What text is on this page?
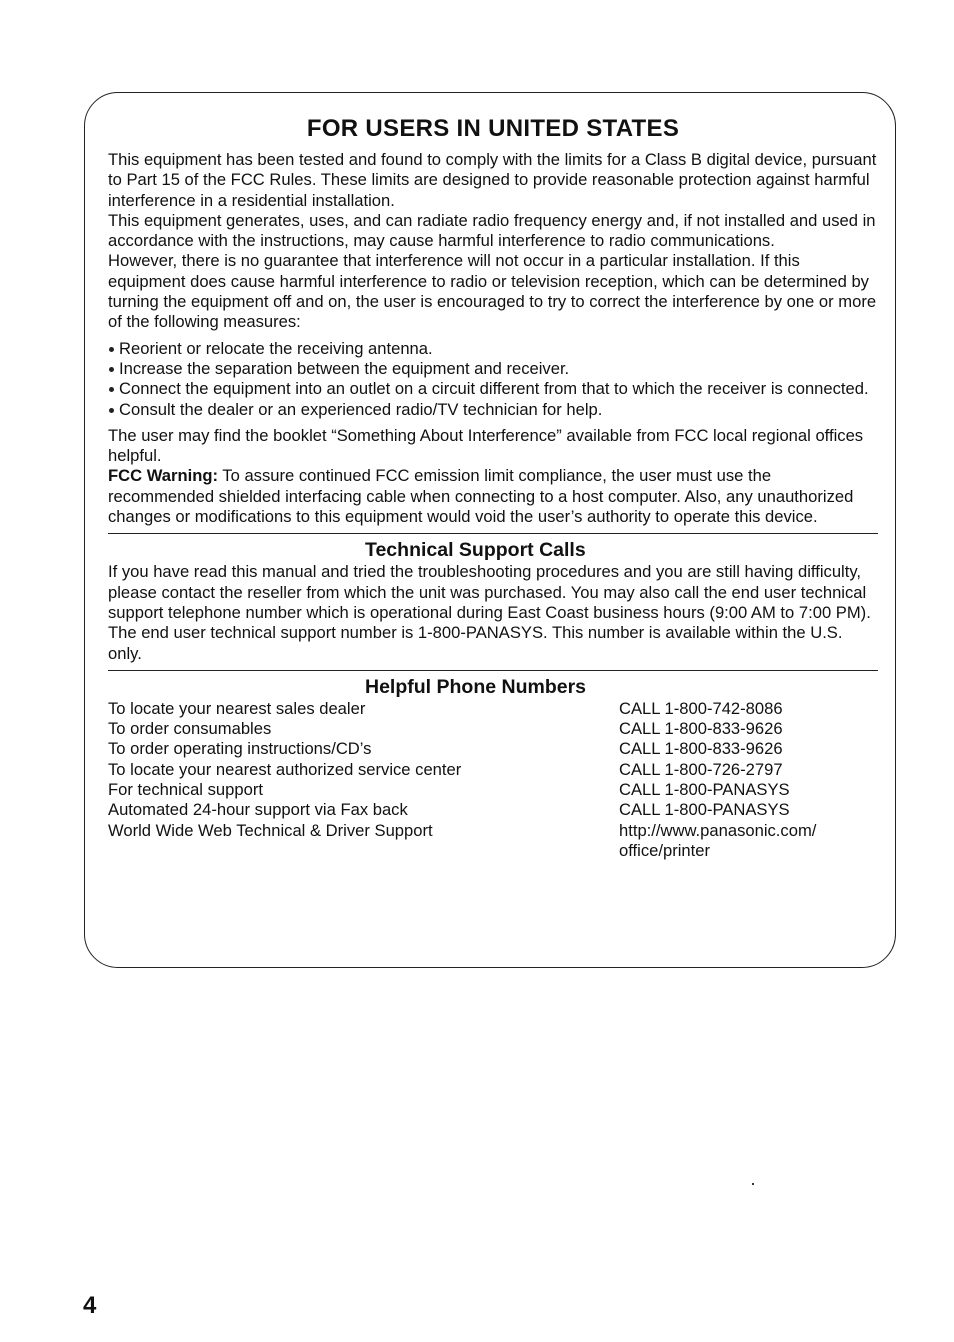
FOR USERS IN UNITED STATES

This equipment has been tested and found to comply with the limits for a Class B digital device, pursuant to Part 15 of the FCC Rules. These limits are designed to provide reasonable protection against harmful interference in a residential installation.

This equipment generates, uses, and can radiate radio frequency energy and, if not installed and used in accordance with the instructions, may cause harmful interference to radio communications.

However, there is no guarantee that interference will not occur in a particular installation. If this equipment does cause harmful interference to radio or television reception, which can be determined by

turning the equipment off and on, the user is encouraged to try to correct the interference by one or more of the following measures:

Reorient or relocate the receiving antenna.
Increase the separation between the equipment and receiver.
Connect the equipment into an outlet on a circuit different from that to which the receiver is connected.
Consult the dealer or an experienced radio/TV technician for help.

The user may find the booklet “Something About Interference” available from FCC local regional offices helpful.

FCC Warning: To assure continued FCC emission limit compliance, the user must use the recommended shielded interfacing cable when connecting to a host computer. Also, any unauthorized changes or modifications to this equipment would void the user’s authority to operate this device.

Technical Support Calls

If you have read this manual and tried the troubleshooting procedures and you are still having difficulty, please contact the reseller from which the unit was purchased. You may also call the end user technical support telephone number which is operational during East Coast business hours (9:00 AM to 7:00 PM). The end user technical support number is 1-800-PANASYS. This number is available within the U.S. only.

Helpful Phone Numbers
To locate your nearest sales dealer	CALL 1-800-742-8086
To order consumables	CALL 1-800-833-9626
To order operating instructions/CD’s	CALL 1-800-833-9626
To locate your nearest authorized service center	CALL 1-800-726-2797
For technical support	CALL 1-800-PANASYS
Automated 24-hour support via Fax back	CALL 1-800-PANASYS
World Wide Web Technical & Driver Support	http://www.panasonic.com/
office/printer
4
